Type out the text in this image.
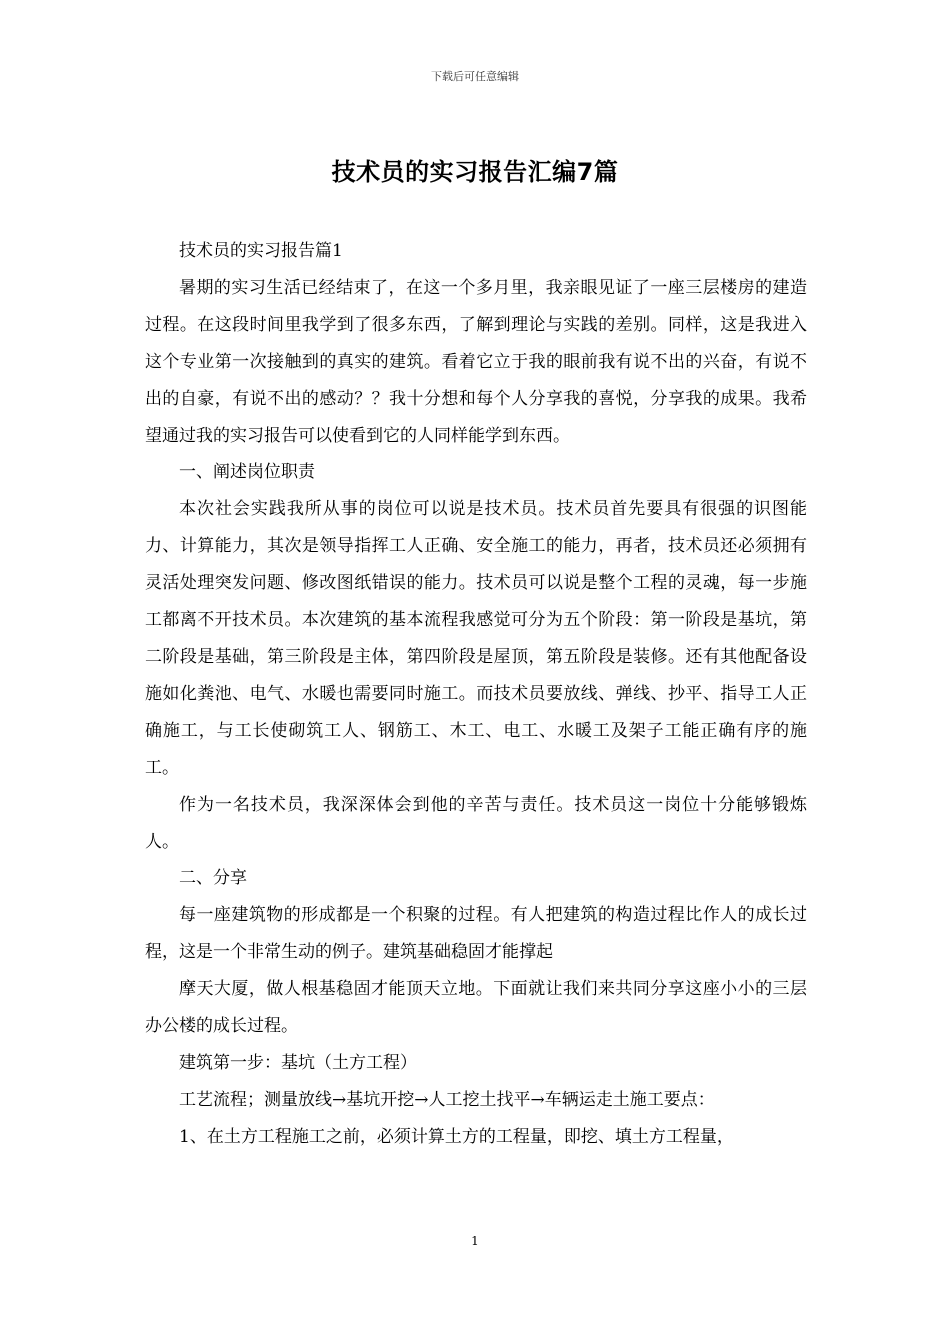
下载后可任意编辑
技术员的实习报告汇编7篇

技术员的实习报告篇1

暑期的实习生活已经结束了，在这一个多月里，我亲眼见证了一座三层楼房的建造过程。在这段时间里我学到了很多东西，了解到理论与实践的差别。同样，这是我进入这个专业第一次接触到的真实的建筑。看着它立于我的眼前我有说不出的兴奋，有说不出的自豪，有说不出的感动？？我十分想和每个人分享我的喜悦，分享我的成果。我希望通过我的实习报告可以使看到它的人同样能学到东西。

一、阐述岗位职责

本次社会实践我所从事的岗位可以说是技术员。技术员首先要具有很强的识图能力、计算能力，其次是领导指挥工人正确、安全施工的能力，再者，技术员还必须拥有灵活处理突发问题、修改图纸错误的能力。技术员可以说是整个工程的灵魂，每一步施工都离不开技术员。本次建筑的基本流程我感觉可分为五个阶段：第一阶段是基坑，第二阶段是基础，第三阶段是主体，第四阶段是屋顶，第五阶段是装修。还有其他配备设施如化粪池、电气、水暖也需要同时施工。而技术员要放线、弹线、抄平、指导工人正确施工，与工长使砌筑工人、钢筋工、木工、电工、水暖工及架子工能正确有序的施工。

作为一名技术员，我深深体会到他的辛苦与责任。技术员这一岗位十分能够锻炼人。

二、分享

每一座建筑物的形成都是一个积聚的过程。有人把建筑的构造过程比作人的成长过程，这是一个非常生动的例子。建筑基础稳固才能撑起

摩天大厦，做人根基稳固才能顶天立地。下面就让我们来共同分享这座小小的三层办公楼的成长过程。

建筑第一步：基坑（土方工程）

工艺流程；测量放线→基坑开挖→人工挖土找平→车辆运走土施工要点：

1、在土方工程施工之前，必须计算土方的工程量，即挖、填土方工程量，

1
